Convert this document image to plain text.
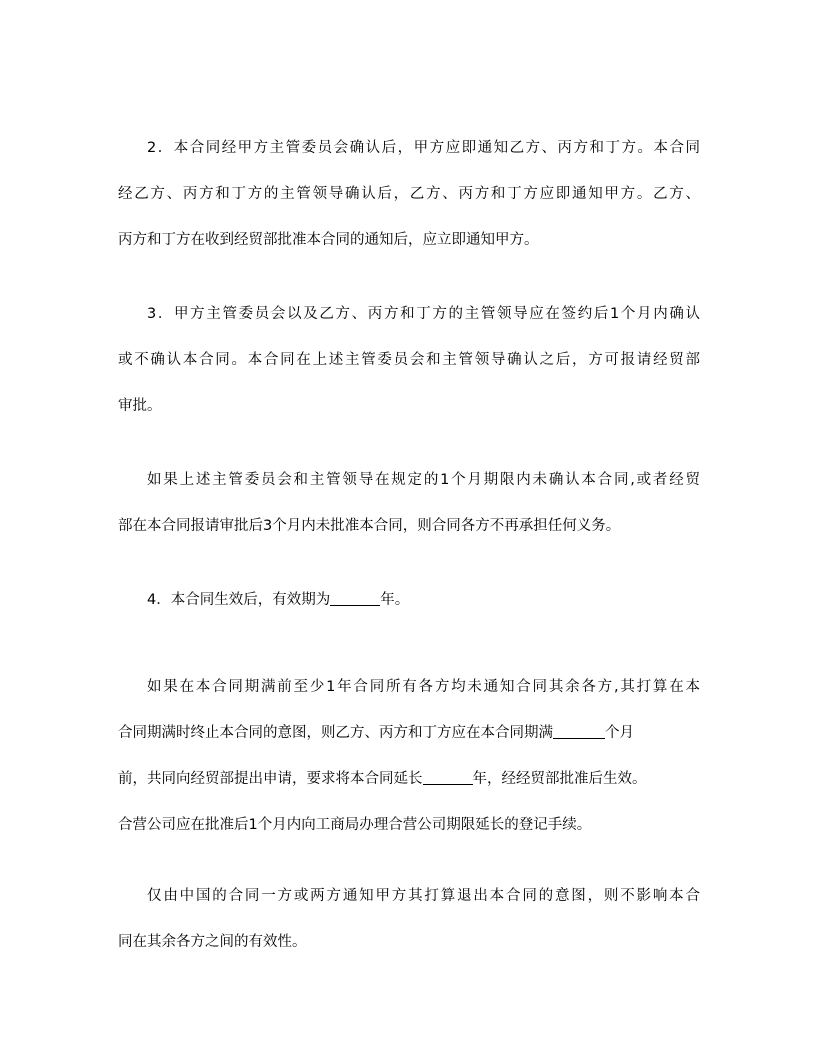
2．本合同经甲方主管委员会确认后，甲方应即通知乙方、丙方和丁方。本合同
经乙方、丙方和丁方的主管领导确认后，乙方、丙方和丁方应即通知甲方。乙方、
丙方和丁方在收到经贸部批准本合同的通知后，应立即通知甲方。
3．甲方主管委员会以及乙方、丙方和丁方的主管领导应在签约后1个月内确认
或不确认本合同。本合同在上述主管委员会和主管领导确认之后，方可报请经贸部
审批。
如果上述主管委员会和主管领导在规定的1个月期限内未确认本合同,或者经贸
部在本合同报请审批后3个月内未批准本合同，则合同各方不再承担任何义务。
4．本合同生效后，有效期为	年。
如果在本合同期满前至少1年合同所有各方均未通知合同其余各方,其打算在本
合同期满时终止本合同的意图，则乙方、丙方和丁方应在本合同期满	个月
前，共同向经贸部提出申请，要求将本合同延长	年，经经贸部批准后生效。
合营公司应在批准后1个月内向工商局办理合营公司期限延长的登记手续。
仅由中国的合同一方或两方通知甲方其打算退出本合同的意图，则不影响本合
同在其余各方之间的有效性。
